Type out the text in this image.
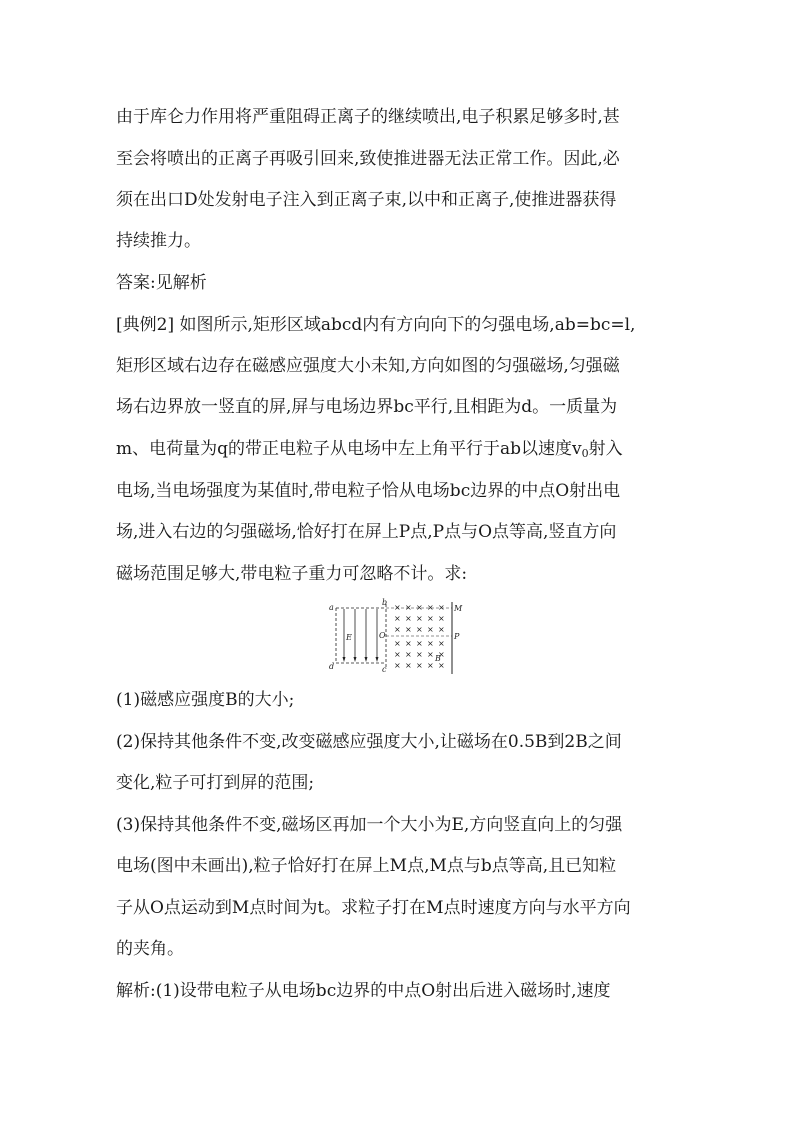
由于库仑力作用将严重阻碍正离子的继续喷出,电子积累足够多时,甚
至会将喷出的正离子再吸引回来,致使推进器无法正常工作。因此,必
须在出口D处发射电子注入到正离子束,以中和正离子,使推进器获得
持续推力。
答案:见解析
[典例2] 如图所示,矩形区域abcd内有方向向下的匀强电场,ab=bc=l,
矩形区域右边存在磁感应强度大小未知,方向如图的匀强磁场,匀强磁
场右边界放一竖直的屏,屏与电场边界bc平行,且相距为d。一质量为
m、电荷量为q的带正电粒子从电场中左上角平行于ab以速度$v_0$射入
电场,当电场强度为某值时,带电粒子恰从电场bc边界的中点O射出电
场,进入右边的匀强磁场,恰好打在屏上P点,P点与O点等高,竖直方向
磁场范围足够大,带电粒子重力可忽略不计。求:
× × × × ×
× × × × ×
× × × × ×
× × × × ×
× × × × ×
× × × × ×
a
d
b
c
E	O
M
P
B
(1)磁感应强度B的大小;
(2)保持其他条件不变,改变磁感应强度大小,让磁场在0.5B到2B之间
变化,粒子可打到屏的范围;
(3)保持其他条件不变,磁场区再加一个大小为E,方向竖直向上的匀强
电场(图中未画出),粒子恰好打在屏上M点,M点与b点等高,且已知粒
子从O点运动到M点时间为t。求粒子打在M点时速度方向与水平方向
的夹角。
解析:(1)设带电粒子从电场bc边界的中点O射出后进入磁场时,速度
